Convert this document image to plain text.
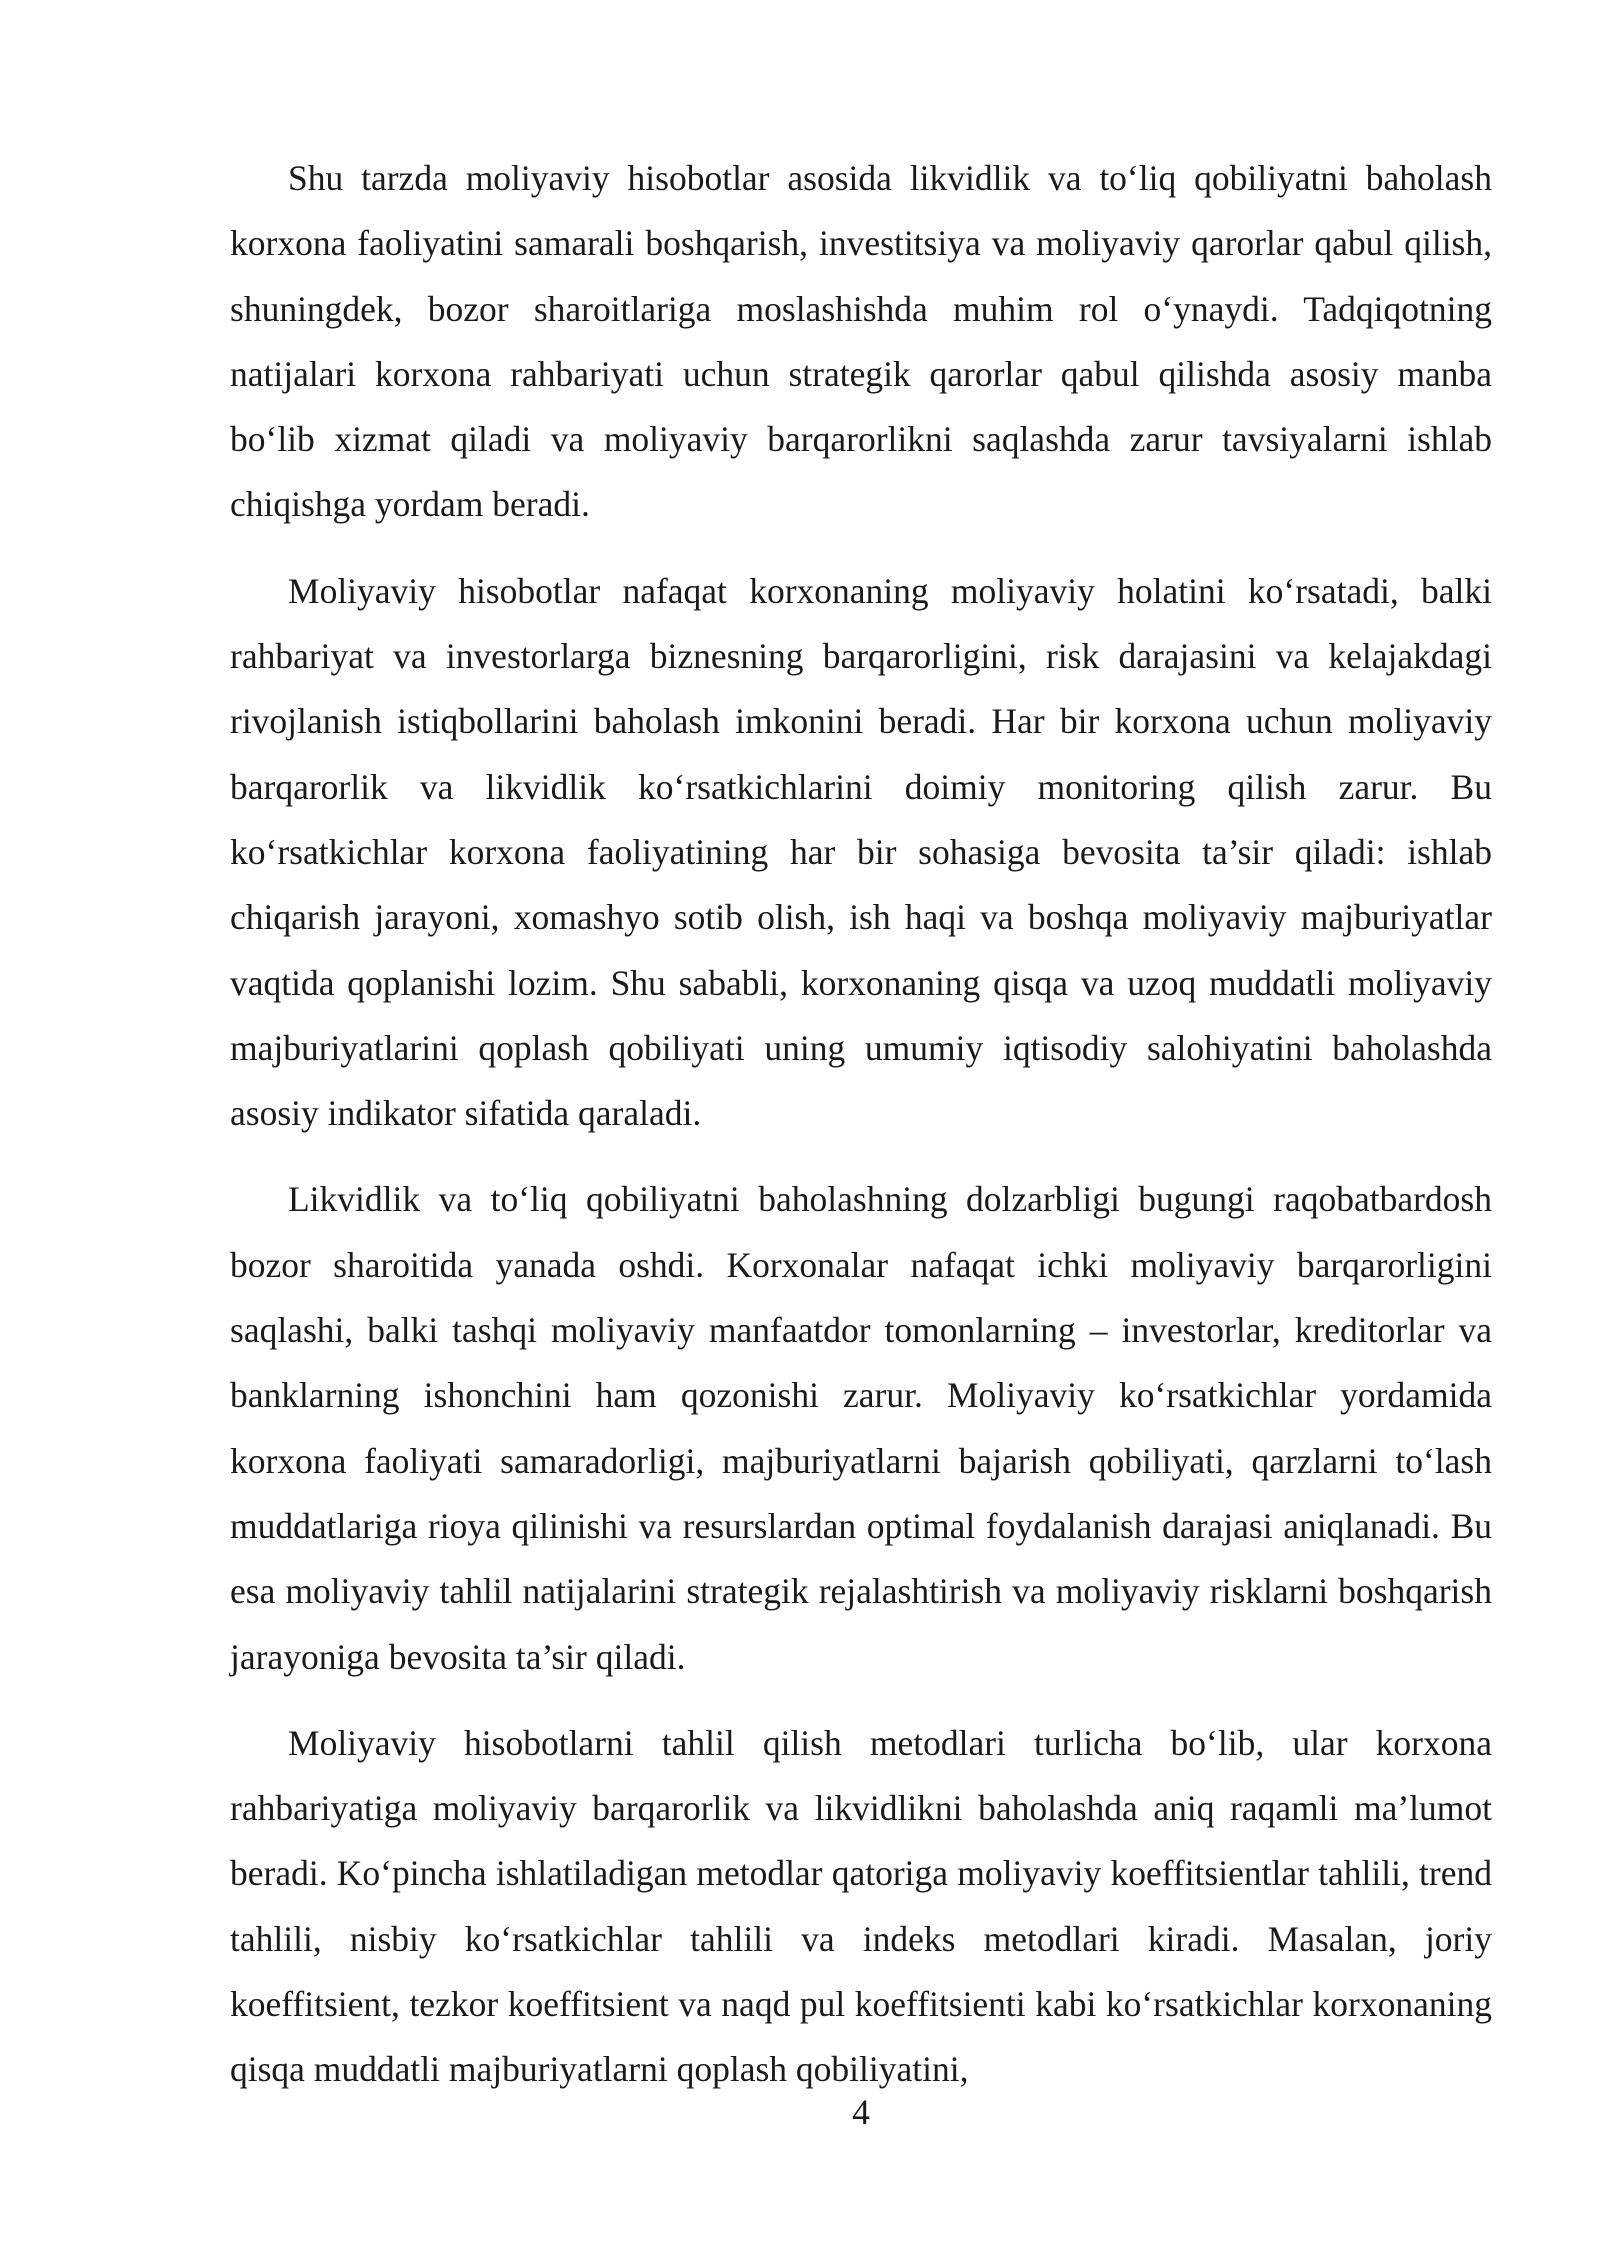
Shu tarzda moliyaviy hisobotlar asosida likvidlik va to‘liq qobiliyatni baholash korxona faoliyatini samarali boshqarish, investitsiya va moliyaviy qarorlar qabul qilish, shuningdek, bozor sharoitlariga moslashishda muhim rol o‘ynaydi. Tadqiqotning natijalari korxona rahbariyati uchun strategik qarorlar qabul qilishda asosiy manba bo‘lib xizmat qiladi va moliyaviy barqarorlikni saqlashda zarur tavsiyalarni ishlab chiqishga yordam beradi.

Moliyaviy hisobotlar nafaqat korxonaning moliyaviy holatini ko‘rsatadi, balki rahbariyat va investorlarga biznesning barqarorligini, risk darajasini va kelajakdagi rivojlanish istiqbollarini baholash imkonini beradi. Har bir korxona uchun moliyaviy barqarorlik va likvidlik ko‘rsatkichlarini doimiy monitoring qilish zarur. Bu ko‘rsatkichlar korxona faoliyatining har bir sohasiga bevosita ta’sir qiladi: ishlab chiqarish jarayoni, xomashyo sotib olish, ish haqi va boshqa moliyaviy majburiyatlar vaqtida qoplanishi lozim. Shu sababli, korxonaning qisqa va uzoq muddatli moliyaviy majburiyatlarini qoplash qobiliyati uning umumiy iqtisodiy salohiyatini baholashda asosiy indikator sifatida qaraladi.

Likvidlik va to‘liq qobiliyatni baholashning dolzarbligi bugungi raqobatbardosh bozor sharoitida yanada oshdi. Korxonalar nafaqat ichki moliyaviy barqarorligini saqlashi, balki tashqi moliyaviy manfaatdor tomonlarning – investorlar, kreditorlar va banklarning ishonchini ham qozonishi zarur. Moliyaviy ko‘rsatkichlar yordamida korxona faoliyati samaradorligi, majburiyatlarni bajarish qobiliyati, qarzlarni to‘lash muddatlariga rioya qilinishi va resurslardan optimal foydalanish darajasi aniqlanadi. Bu esa moliyaviy tahlil natijalarini strategik rejalashtirish va moliyaviy risklarni boshqarish jarayoniga bevosita ta’sir qiladi.

Moliyaviy hisobotlarni tahlil qilish metodlari turlicha bo‘lib, ular korxona rahbariyatiga moliyaviy barqarorlik va likvidlikni baholashda aniq raqamli ma’lumot beradi. Ko‘pincha ishlatiladigan metodlar qatoriga moliyaviy koeffitsientlar tahlili, trend tahlili, nisbiy ko‘rsatkichlar tahlili va indeks metodlari kiradi. Masalan, joriy koeffitsient, tezkor koeffitsient va naqd pul koeffitsienti kabi ko‘rsatkichlar korxonaning qisqa muddatli majburiyatlarni qoplash qobiliyatini,

4
